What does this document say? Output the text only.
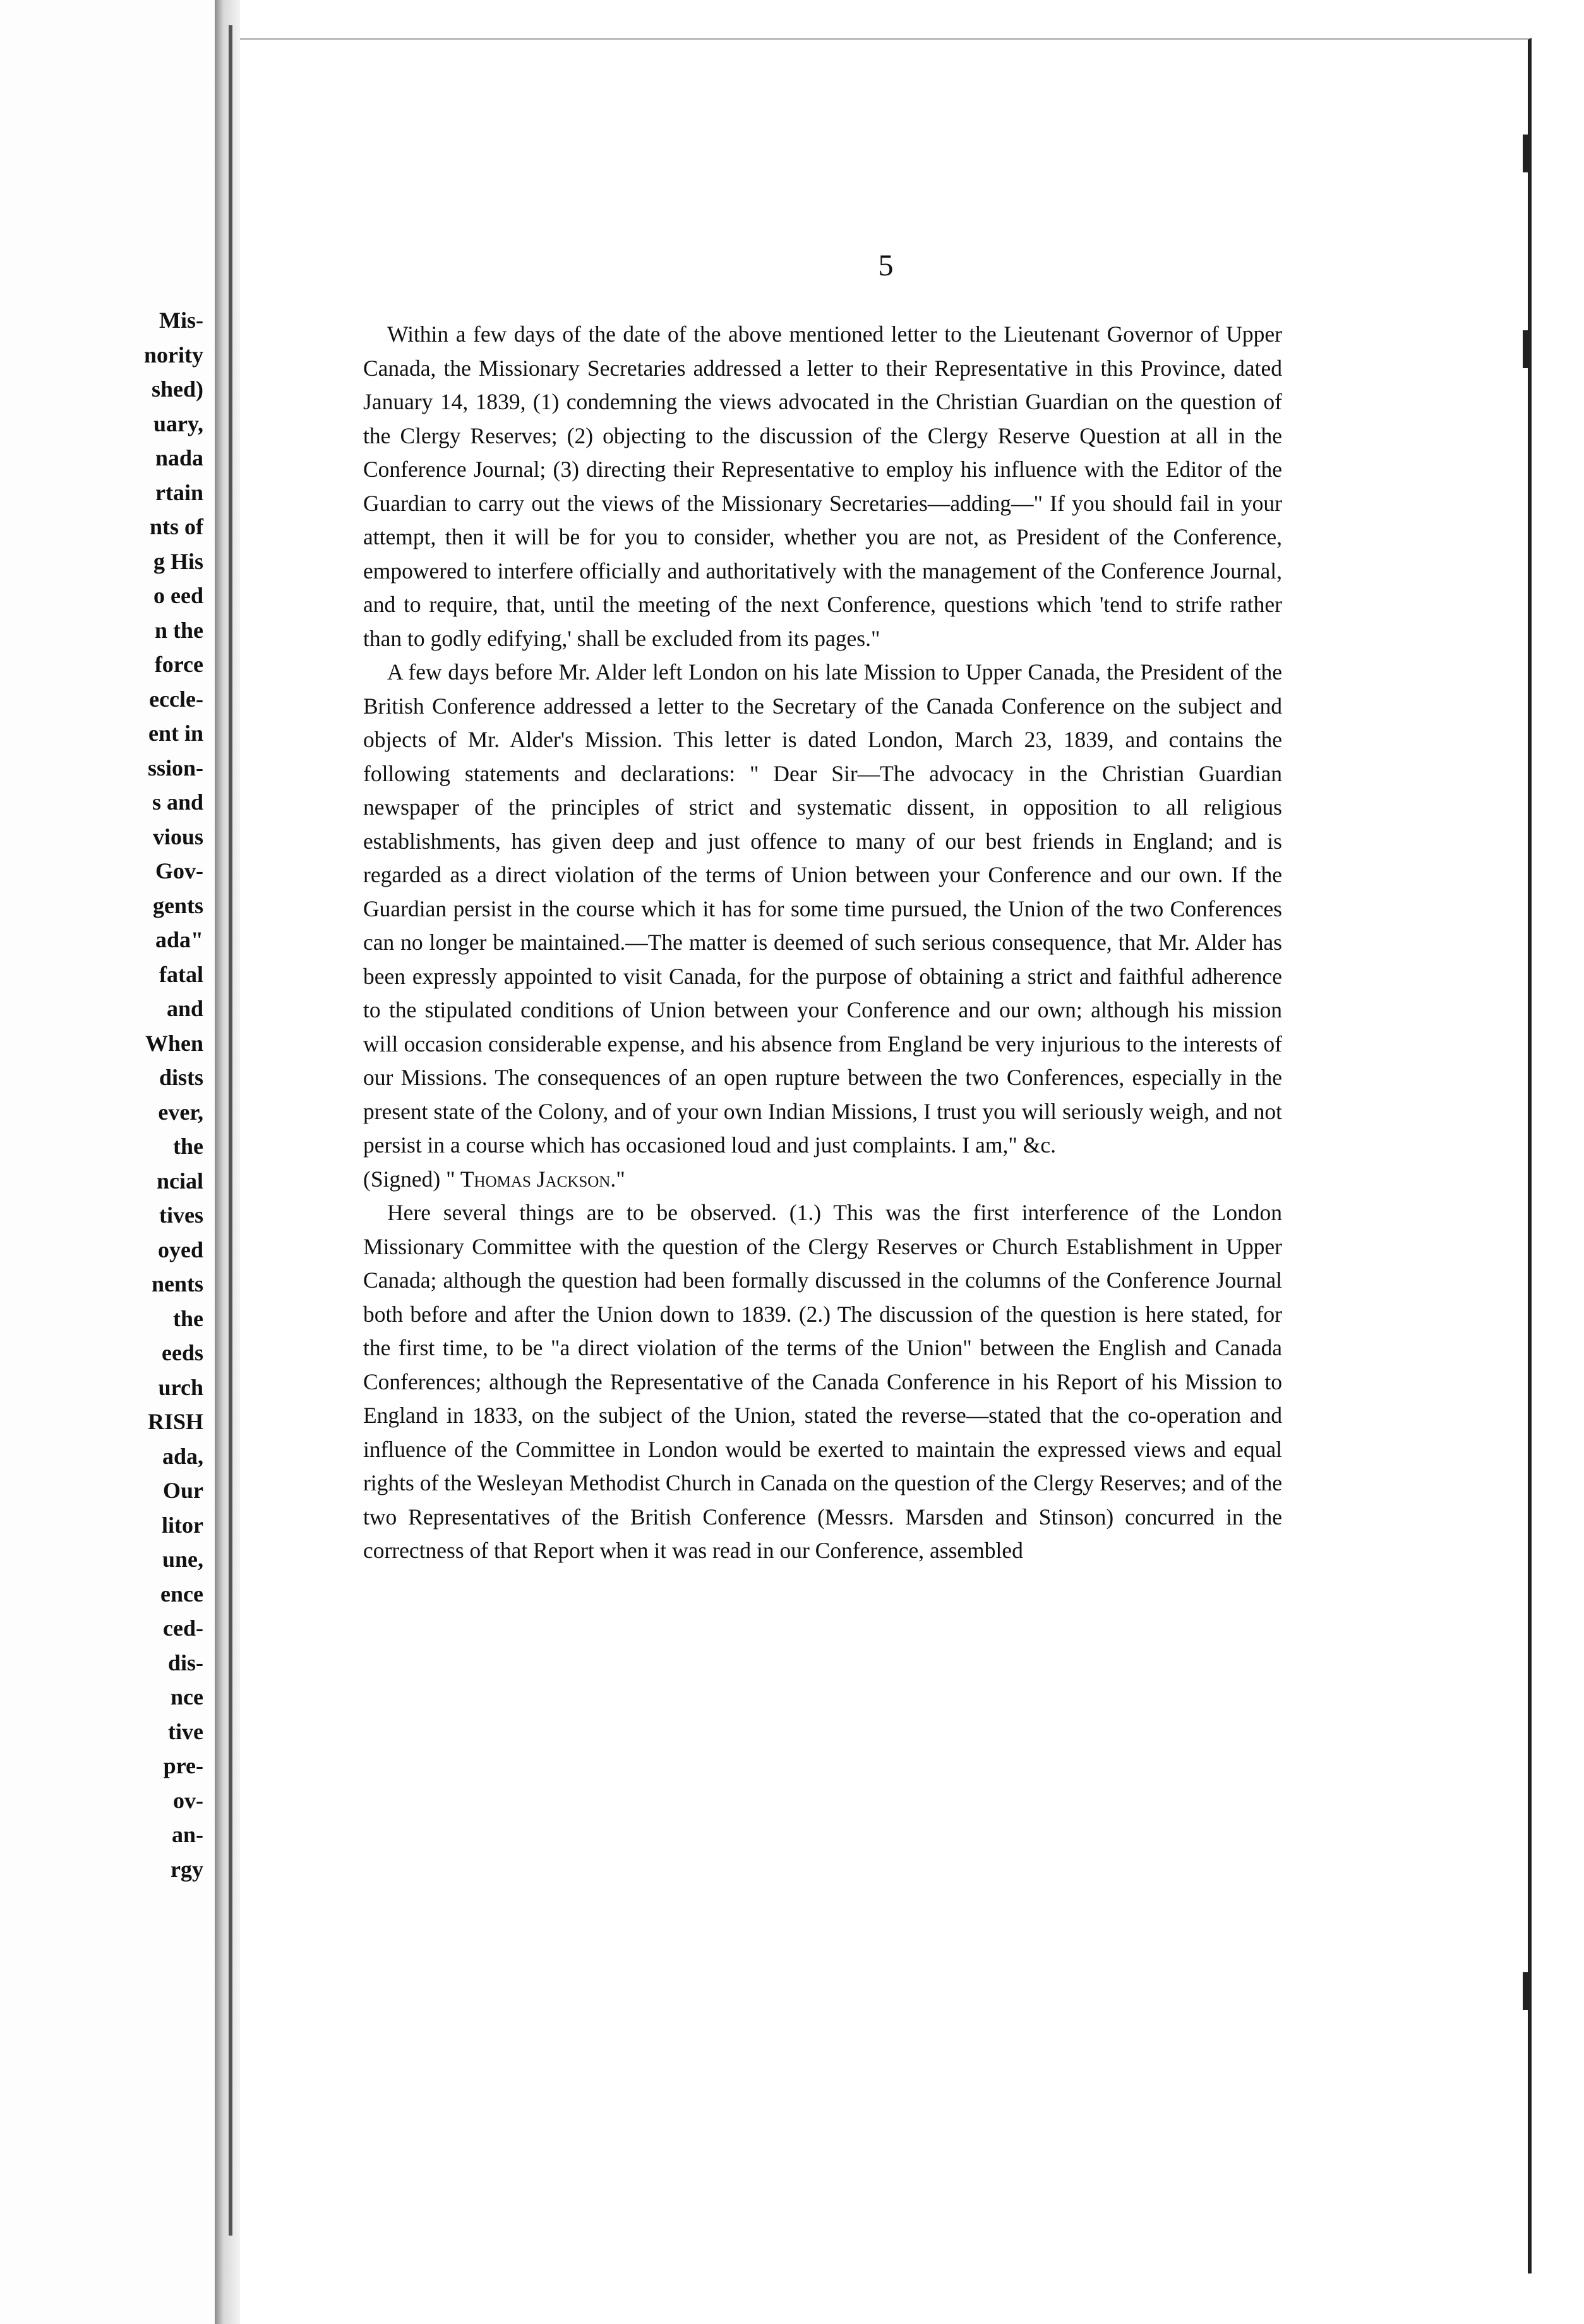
Mis-
nority
shed)
uary,
nada
rtain
nts of
g His
o eed
n the
force
eccle-
ent in
ssion-
s and
vious
Gov-
gents
ada"
fatal
and
When
dists
ever,
the
ncial
tives
oyed
nents
the
eeds
urch
RISH
ada,
Our
litor
une,
ence
ced-
dis-
nce
tive
pre-
ov-
an-
rgy

5

Within a few days of the date of the above mentioned letter to the Lieutenant Governor of Upper Canada, the Missionary Secretaries addressed a letter to their Representative in this Province, dated January 14, 1839, (1) condemning the views advocated in the Christian Guardian on the question of the Clergy Reserves; (2) objecting to the discussion of the Clergy Reserve Question at all in the Conference Journal; (3) directing their Representative to employ his influence with the Editor of the Guardian to carry out the views of the Missionary Secretaries—adding—" If you should fail in your attempt, then it will be for you to consider, whether you are not, as President of the Conference, empowered to interfere officially and authoritatively with the management of the Conference Journal, and to require, that, until the meeting of the next Conference, questions which 'tend to strife rather than to godly edifying,' shall be excluded from its pages."

A few days before Mr. Alder left London on his late Mission to Upper Canada, the President of the British Conference addressed a letter to the Secretary of the Canada Conference on the subject and objects of Mr. Alder's Mission. This letter is dated London, March 23, 1839, and contains the following statements and declarations: " Dear Sir—The advocacy in the Christian Guardian newspaper of the principles of strict and systematic dissent, in opposition to all religious establishments, has given deep and just offence to many of our best friends in England; and is regarded as a direct violation of the terms of Union between your Conference and our own. If the Guardian persist in the course which it has for some time pursued, the Union of the two Conferences can no longer be maintained.—The matter is deemed of such serious consequence, that Mr. Alder has been expressly appointed to visit Canada, for the purpose of obtaining a strict and faithful adherence to the stipulated conditions of Union between your Conference and our own; although his mission will occasion considerable expense, and his absence from England be very injurious to the interests of our Missions. The consequences of an open rupture between the two Conferences, especially in the present state of the Colony, and of your own Indian Missions, I trust you will seriously weigh, and not persist in a course which has occasioned loud and just complaints. I am," &c.
(Signed) " Thomas Jackson."

Here several things are to be observed. (1.) This was the first interference of the London Missionary Committee with the question of the Clergy Reserves or Church Establishment in Upper Canada; although the question had been formally discussed in the columns of the Conference Journal both before and after the Union down to 1839. (2.) The discussion of the question is here stated, for the first time, to be "a direct violation of the terms of the Union" between the English and Canada Conferences; although the Representative of the Canada Conference in his Report of his Mission to England in 1833, on the subject of the Union, stated the reverse—stated that the co-operation and influence of the Committee in London would be exerted to maintain the expressed views and equal rights of the Wesleyan Methodist Church in Canada on the question of the Clergy Reserves; and of the two Representatives of the British Conference (Messrs. Marsden and Stinson) concurred in the correctness of that Report when it was read in our Conference, assembled
